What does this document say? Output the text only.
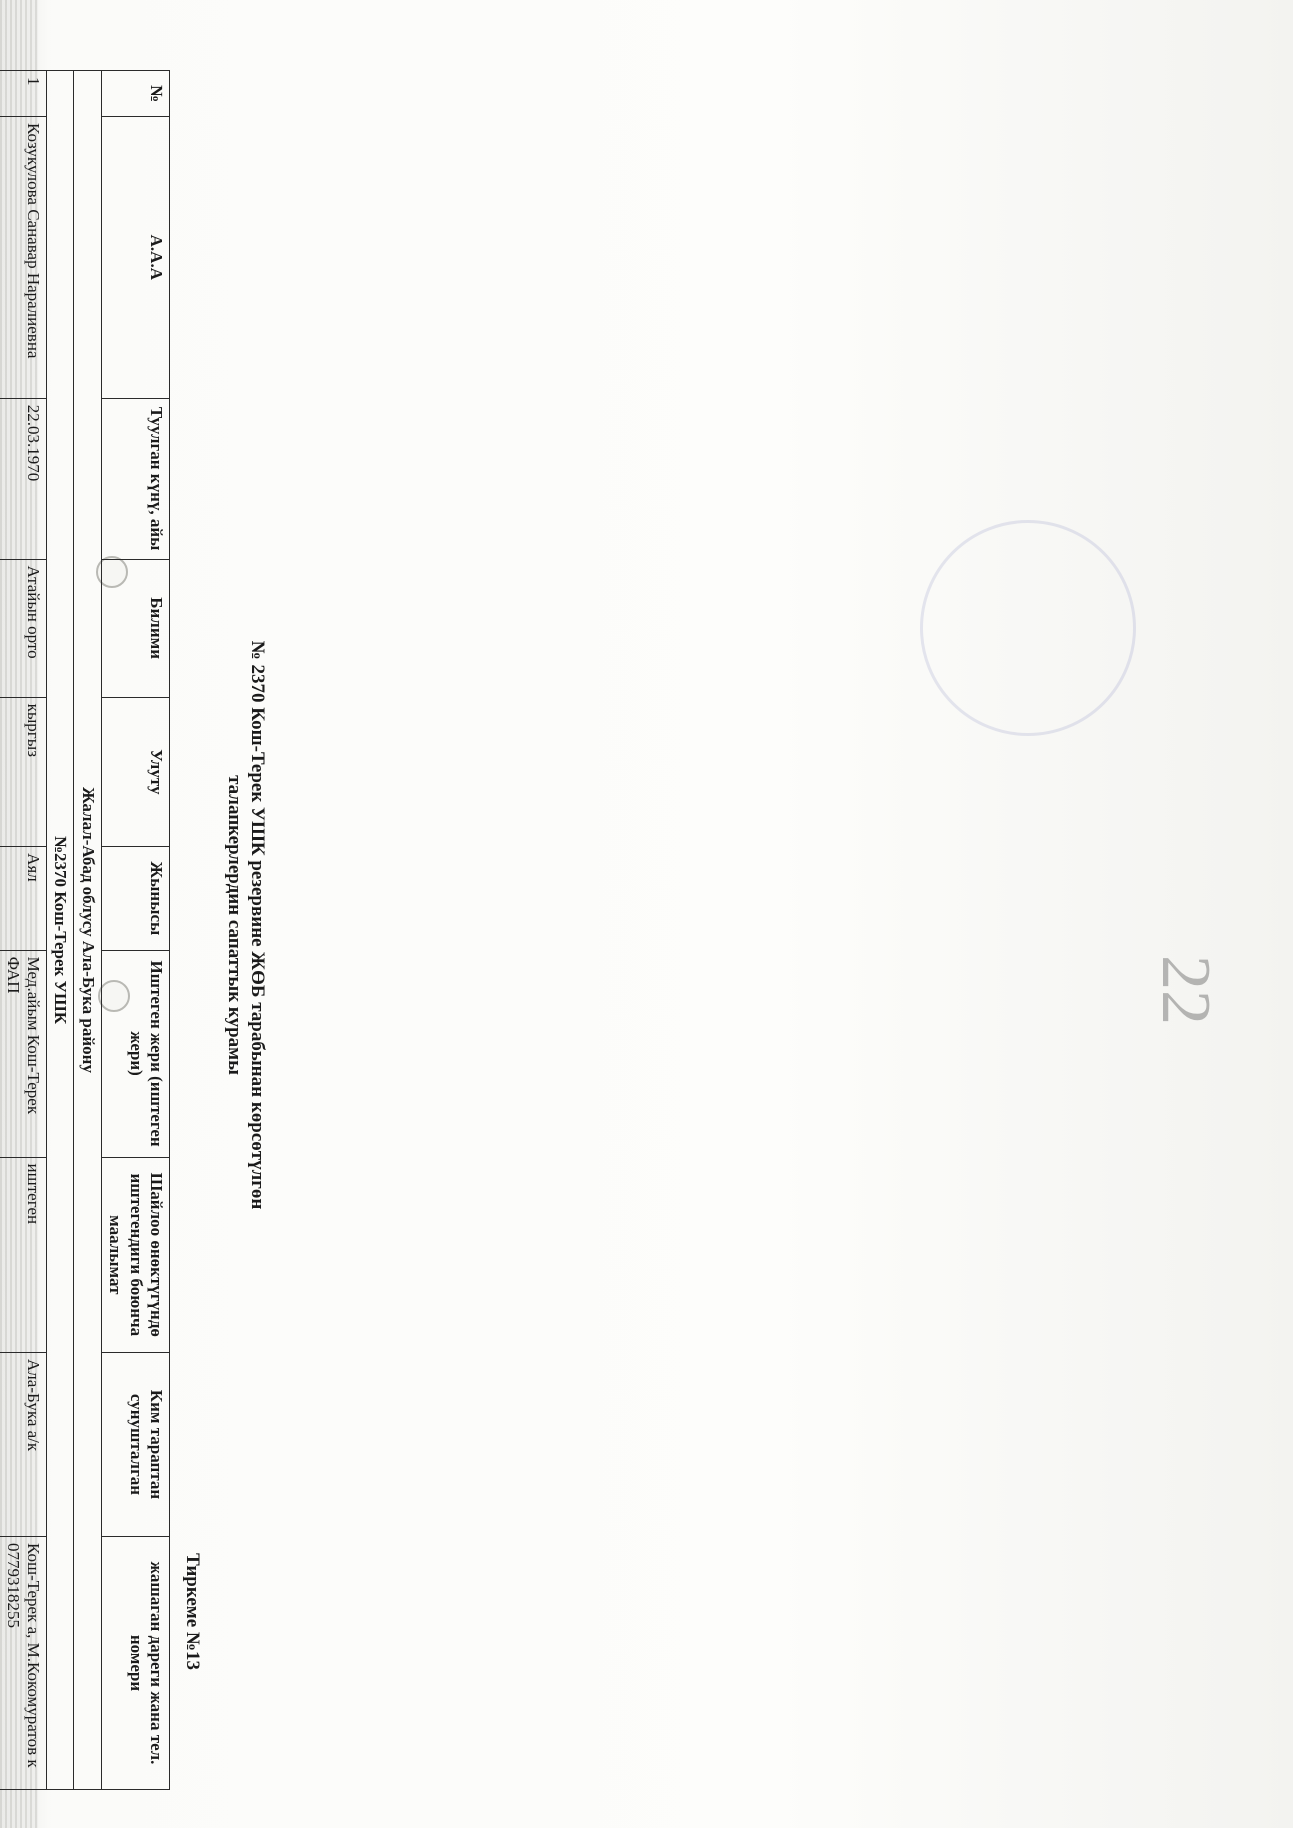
22
№ 2370 Кош-Терек УШК резервине ЖӨБ тарабынан көрсөтүлгөн
талапкерлердин сапаттык курамы
Тиркеме №13
№	А.А.А	Туулган күнү, айы	Билими	Улуту	Жынысы	Иштеген жери (иштеген жери)	Шайлоо өнөктүгүндө иштегендиги боюнча маалымат	Ким тараптан сунушталган	жашаган дареги жана тел. номери
Жалал-Абад облусу Ала-Бука району									
№2370 Кош-Терек УШК									
1	Козукулова Санавар Нарaлиевна	22.03.1970	Атайын орто	кыргыз	Аял	Мед.айым Кош-Терек ФАП	иштеген	Ала-Бука а/к	Кош-Терек а, М.Кокомуратов к 0779318255
